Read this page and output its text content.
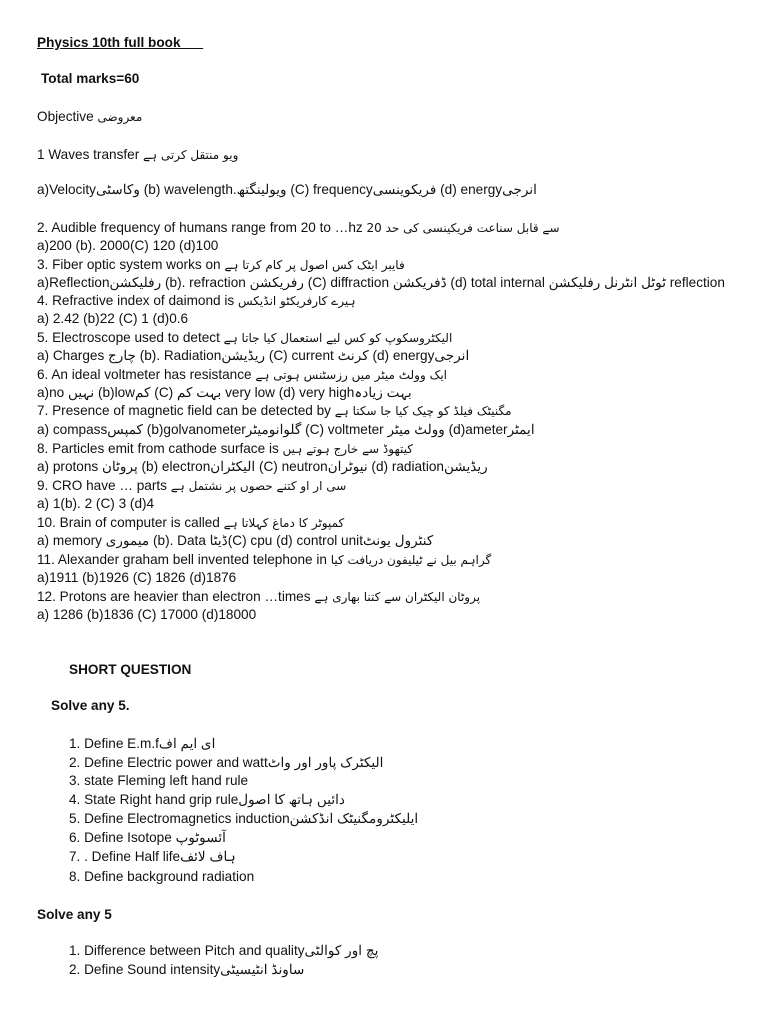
Physics 10th full book
Total marks=60
Objective معروضی
1 Waves transfer ویو منتقل کرتی ہے
a)Velocityوکاسٹی (b) wavelength.ویولینگتھ (C) frequencyفریکوینسی (d) energyانرجی
2. Audible frequency of humans range from 20 to …hz 20 سے قابل سناعت فریکینسی کی حد
a)200 (b). 2000(C) 120 (d)100
3. Fiber optic system works on فایبر ایٹک کس اصول پر کام کرتا ہے
a)Reflectionرفلیکشن (b). refraction رفریکشن (C) diffraction ڈفریکشن (d) total internal ٹوٹل انٹرنل رفلیکشن reflection
4. Refractive index of daimond is ہیرے کارفریکٹو انڈیکس
a) 2.42 (b)22 (C) 1 (d)0.6
5. Electroscope used to detect الیکٹروسکوپ کو کس لیے استعمال کیا جاتا ہے
a) Charges چارج (b). Radiationریڈیشن (C) current کرنٹ (d) energyانرجی
6. An ideal voltmeter has resistance ایک وولٹ میٹر میں رزسٹنس ہوتی ہے
a)no نہیں (b)lowکم (C) بہت کم very low (d) very highبہت زیادہ
7. Presence of magnetic field can be detected by مگنیٹک فیلڈ کو چیک کیا جا سکتا ہے
a) compassکمپس (b)golvanometerگلوانومیٹر (C) voltmeter وولٹ میٹر (d)ameterایمٹر
8. Particles emit from cathode surface is کیتھوڈ سے خارج ہوتے ہیں
a) protons پروٹان (b) electronالیکٹران (C) neutronنیوٹران (d) radiationریڈیشن
9. CRO have … parts سی ار او کتنے حصوں پر نشتمل ہے
a) 1(b). 2 (C) 3 (d)4
10. Brain of computer is called کمپوٹر کا دماغ کہلاتا ہے
a) memory میموری (b). Data ڈیٹا(C) cpu (d) control unitکنٹرول یونٹ
11. Alexander graham bell invented telephone in گراہم بیل نے ٹیلیفون دریافت کیا
a)1911 (b)1926 (C) 1826 (d)1876
12. Protons are heavier than electron …times پروٹان الیکٹران سے کتنا بھاری ہے
a) 1286 (b)1836 (C) 17000 (d)18000
SHORT QUESTION
Solve any 5.
1. Define E.m.fای ایم اف
2. Define Electric power and wattالیکٹرک پاور اور واٹ
3. state Fleming left hand rule
4. State Right hand grip ruleدائیں ہاتھ کا اصول
5. Define Electromagnetics inductionایلیکٹرومگنیٹک انڈکشن
6. Define Isotope آئسوٹوپ
7. . Define Half lifeہاف لائف
8. Define background radiation
Solve any 5
1. Difference between Pitch and qualityپچ اور کوالٹی
2. Define Sound intensityساونڈ انٹیسیٹی
